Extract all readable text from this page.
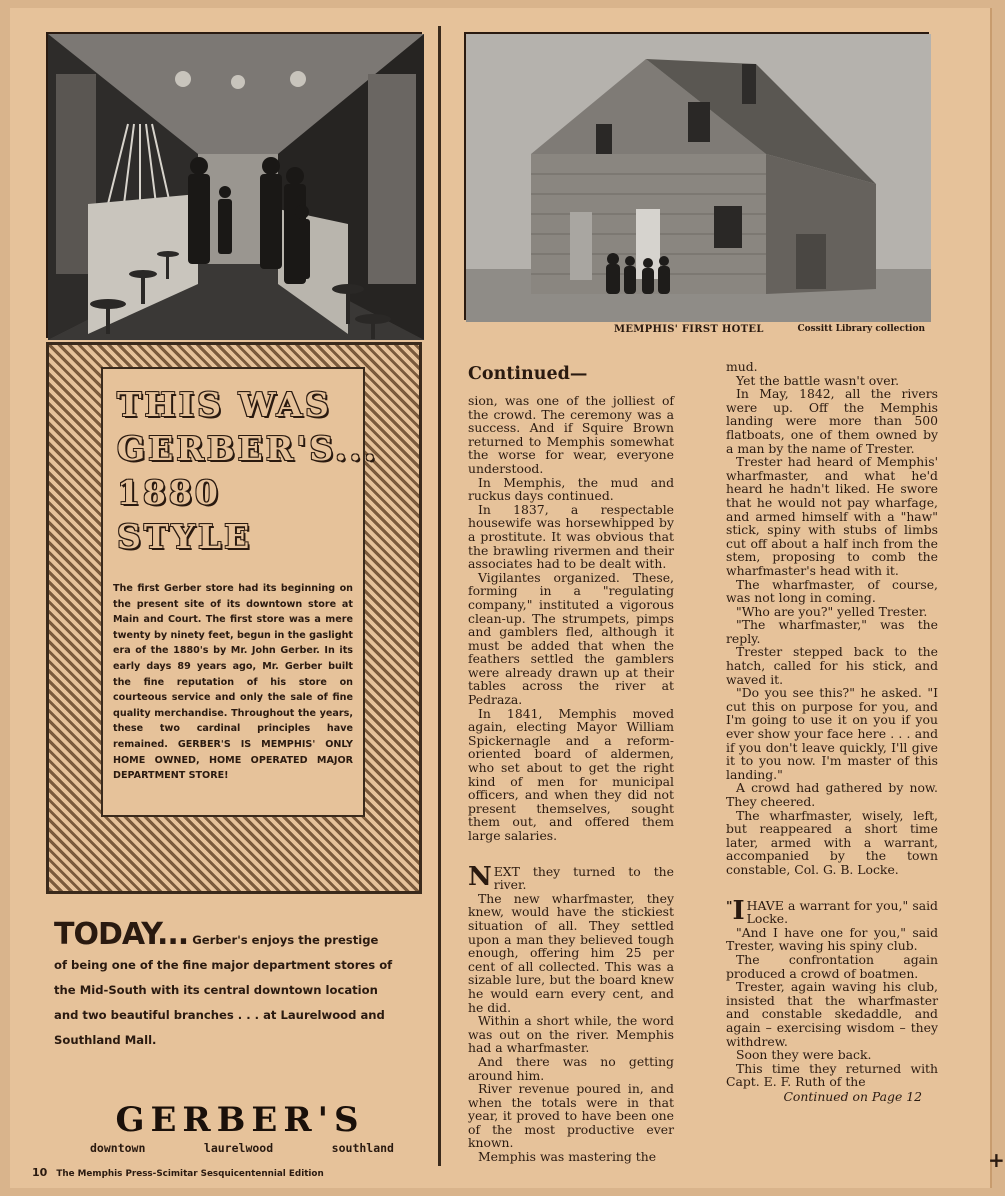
MEMPHIS' FIRST HOTEL	Cossitt Library collection
THIS WAS
GERBER'S...
1880
STYLE
The first Gerber store had its beginning on the present site of its downtown store at Main and Court. The first store was a mere twenty by ninety feet, begun in the gaslight era of the 1880's by Mr. John Gerber. In its early days 89 years ago, Mr. Gerber built the fine reputation of his store on courteous service and only the sale of fine quality merchandise. Throughout the years, these two cardinal principles have remained. GERBER'S IS MEMPHIS' ONLY HOME OWNED, HOME OPERATED MAJOR DEPARTMENT STORE!
TODAY... Gerber's enjoys the prestige of being one of the fine major department stores of the Mid-South with its central downtown location and two beautiful branches . . . at Laurelwood and Southland Mall.
GERBER'S
downtown	laurelwood	southland
10 The Memphis Press-Scimitar Sesquicentennial Edition
Continued—

sion, was one of the jolliest of the crowd. The ceremony was a success. And if Squire Brown returned to Memphis somewhat the worse for wear, everyone understood.

In Memphis, the mud and ruckus days continued.

In 1837, a respectable housewife was horsewhipped by a prostitute. It was obvious that the brawling rivermen and their associates had to be dealt with.

Vigilantes organized. These, forming in a "regulating company," instituted a vigorous clean-up. The strumpets, pimps and gamblers fled, although it must be added that when the feathers settled the gamblers were already drawn up at their tables across the river at Pedraza.

In 1841, Memphis moved again, electing Mayor William Spickernagle and a reform-oriented board of aldermen, who set about to get the right kind of men for municipal officers, and when they did not present themselves, sought them out, and offered them large salaries.

N EXT they turned to the river.

The new wharfmaster, they knew, would have the stickiest situation of all. They settled upon a man they believed tough enough, offering him 25 per cent of all collected. This was a sizable lure, but the board knew he would earn every cent, and he did.

Within a short while, the word was out on the river. Memphis had a wharfmaster.

And there was no getting around him.

River revenue poured in, and when the totals were in that year, it proved to have been one of the most productive ever known.

Memphis was mastering the

mud.

Yet the battle wasn't over.

In May, 1842, all the rivers were up. Off the Memphis landing were more than 500 flatboats, one of them owned by a man by the name of Trester.

Trester had heard of Memphis' wharfmaster, and what he'd heard he hadn't liked. He swore that he would not pay wharfage, and armed himself with a "haw" stick, spiny with stubs of limbs cut off about a half inch from the stem, proposing to comb the wharfmaster's head with it.

The wharfmaster, of course, was not long in coming.

"Who are you?" yelled Trester.

"The wharfmaster," was the reply.

Trester stepped back to the hatch, called for his stick, and waved it.

"Do you see this?" he asked. "I cut this on purpose for you, and I'm going to use it on you if you ever show your face here . . . and if you don't leave quickly, I'll give it to you now. I'm master of this landing."

A crowd had gathered by now. They cheered.

The wharfmaster, wisely, left, but reappeared a short time later, armed with a warrant, accompanied by the town constable, Col. G. B. Locke.

" I HAVE a warrant for you," said Locke.

"And I have one for you," said Trester, waving his spiny club.

The confrontation again produced a crowd of boatmen.

Trester, again waving his club, insisted that the wharfmaster and constable skedaddle, and again – exercising wisdom – they withdrew.

Soon they were back.

This time they returned with Capt. E. F. Ruth of the

Continued on Page 12
+
